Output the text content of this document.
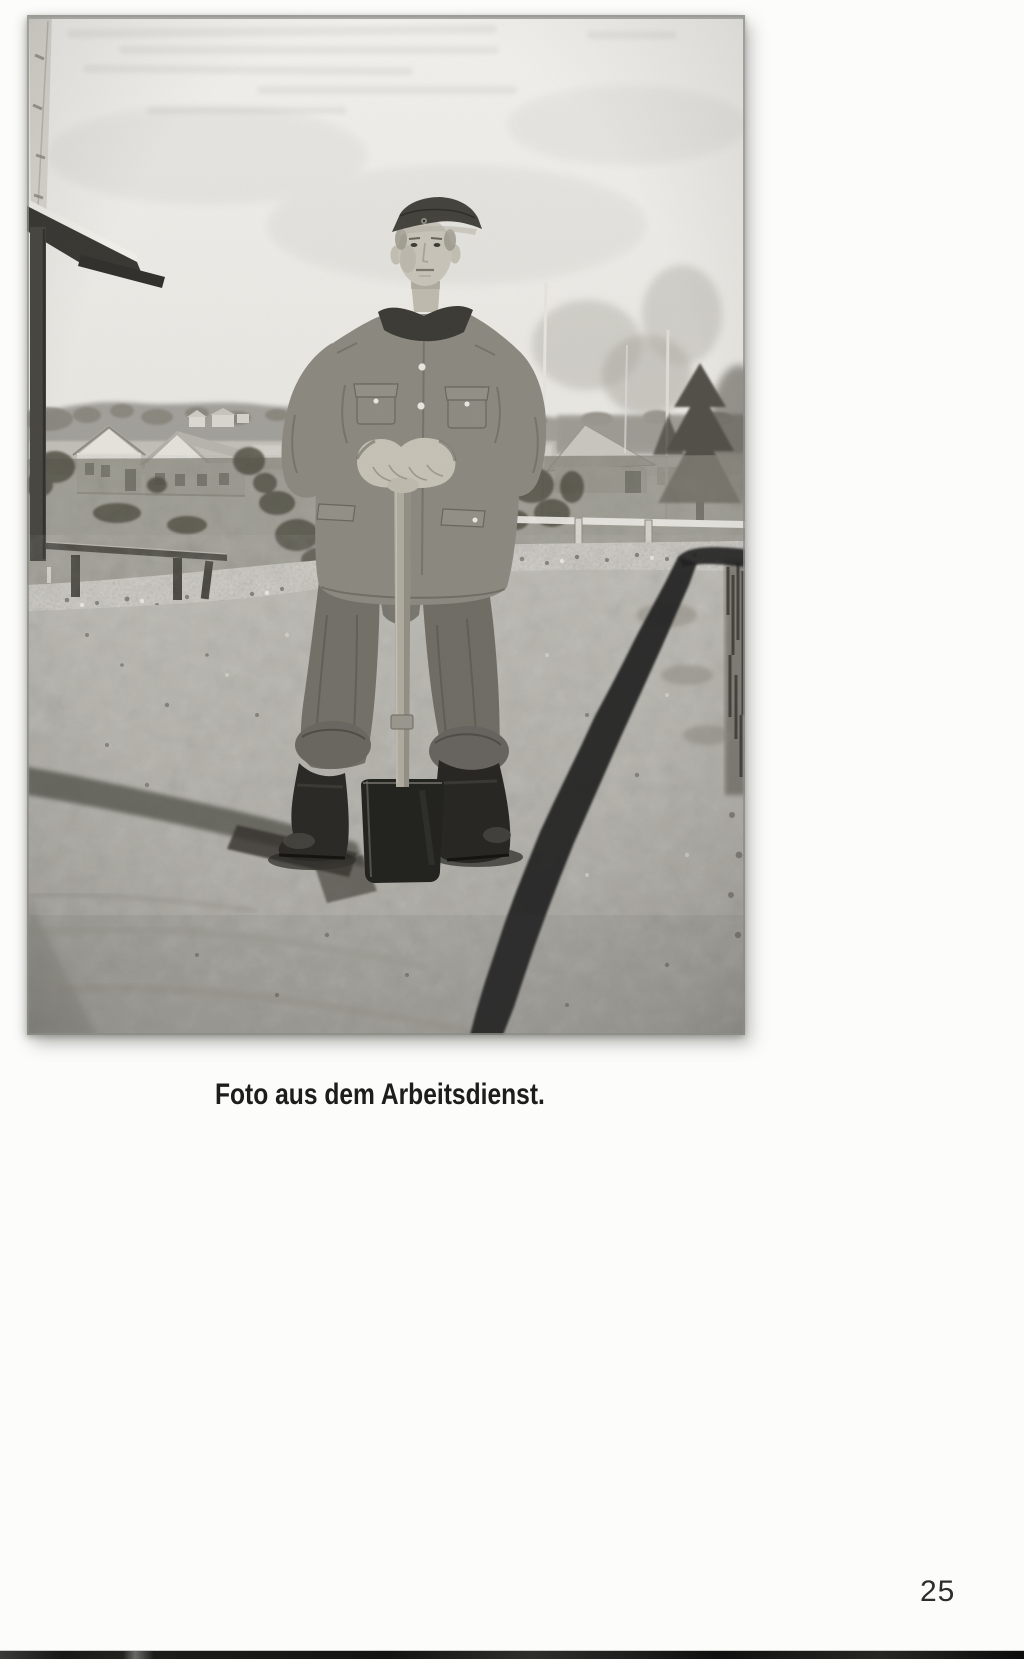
Foto aus dem Arbeitsdienst.

25
